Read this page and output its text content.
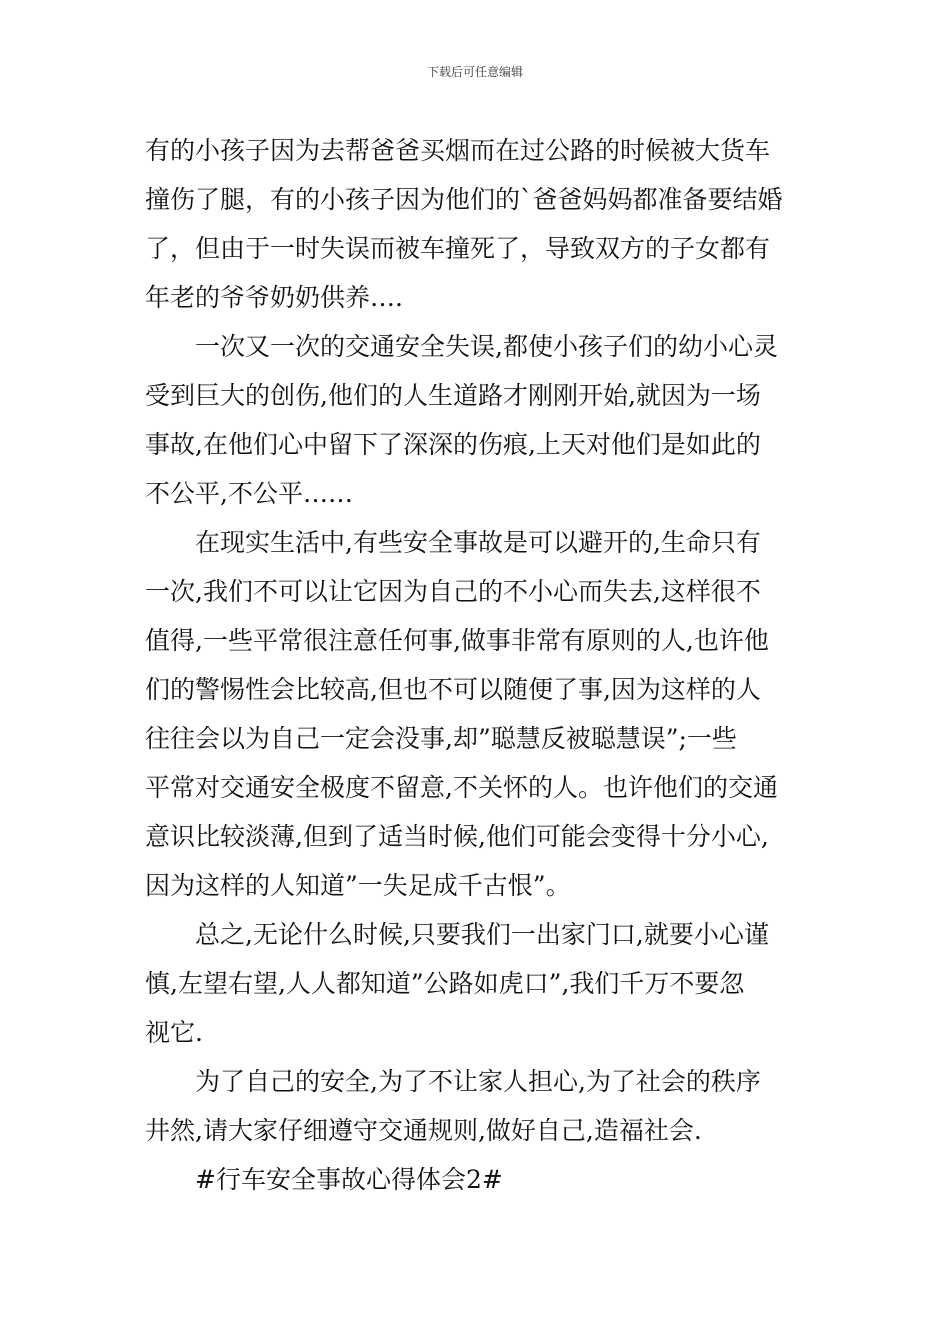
下载后可任意编辑
有的小孩子因为去帮爸爸买烟而在过公路的时候被大货车
撞伤了腿，有的小孩子因为他们的`爸爸妈妈都准备要结婚
了，但由于一时失误而被车撞死了，导致双方的子女都有
年老的爷爷奶奶供养….
一次又一次的交通安全失误,都使小孩子们的幼小心灵
受到巨大的创伤,他们的人生道路才刚刚开始,就因为一场
事故,在他们心中留下了深深的伤痕,上天对他们是如此的
不公平,不公平……
在现实生活中,有些安全事故是可以避开的,生命只有
一次,我们不可以让它因为自己的不小心而失去,这样很不
值得,一些平常很注意任何事,做事非常有原则的人,也许他
们的警惕性会比较高,但也不可以随便了事,因为这样的人
往往会以为自己一定会没事,却”聪慧反被聪慧误”;一些
平常对交通安全极度不留意,不关怀的人。也许他们的交通
意识比较淡薄,但到了适当时候,他们可能会变得十分小心,
因为这样的人知道”一失足成千古恨”。
总之,无论什么时候,只要我们一出家门口,就要小心谨
慎,左望右望,人人都知道”公路如虎口”,我们千万不要忽
视它.
为了自己的安全,为了不让家人担心,为了社会的秩序
井然,请大家仔细遵守交通规则,做好自己,造福社会.
#行车安全事故心得体会2#
